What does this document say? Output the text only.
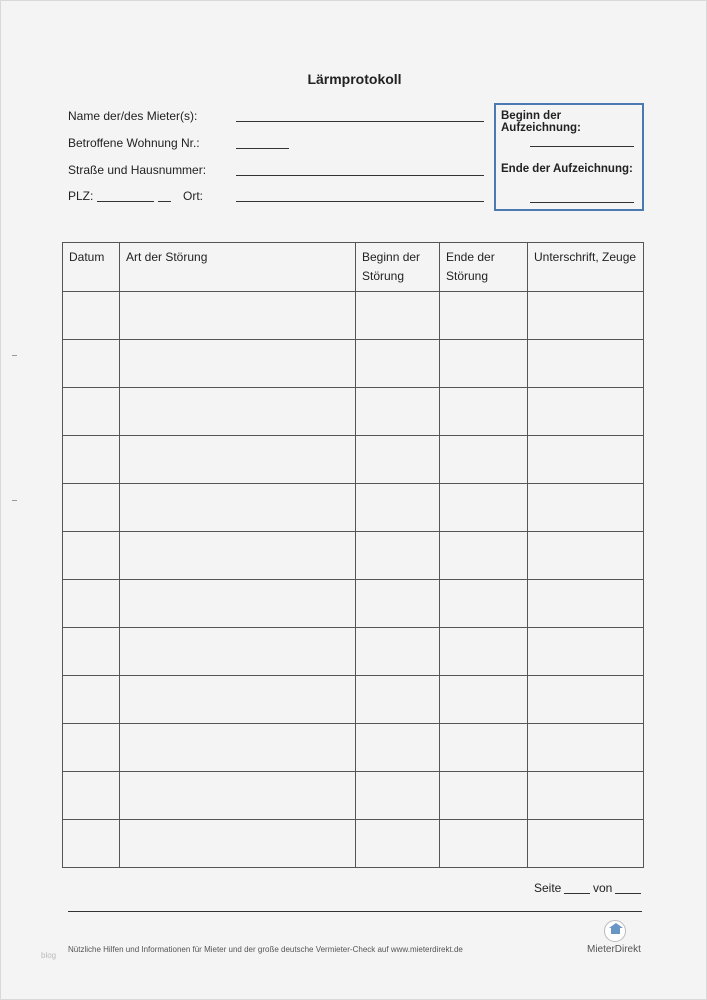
Lärmprotokoll
Name der/des Mieter(s):
Betroffene Wohnung Nr.:
Straße und Hausnummer:
PLZ:	Ort:
Beginn der Aufzeichnung:
Ende der Aufzeichnung:
Datum	Art der Störung	Beginn der Störung	Ende der Störung	Unterschrift, Zeuge

Seite	von
Nützliche Hilfen und Informationen für Mieter und der große deutsche Vermieter-Check auf www.mieterdirekt.de	MieterDirekt
blog
